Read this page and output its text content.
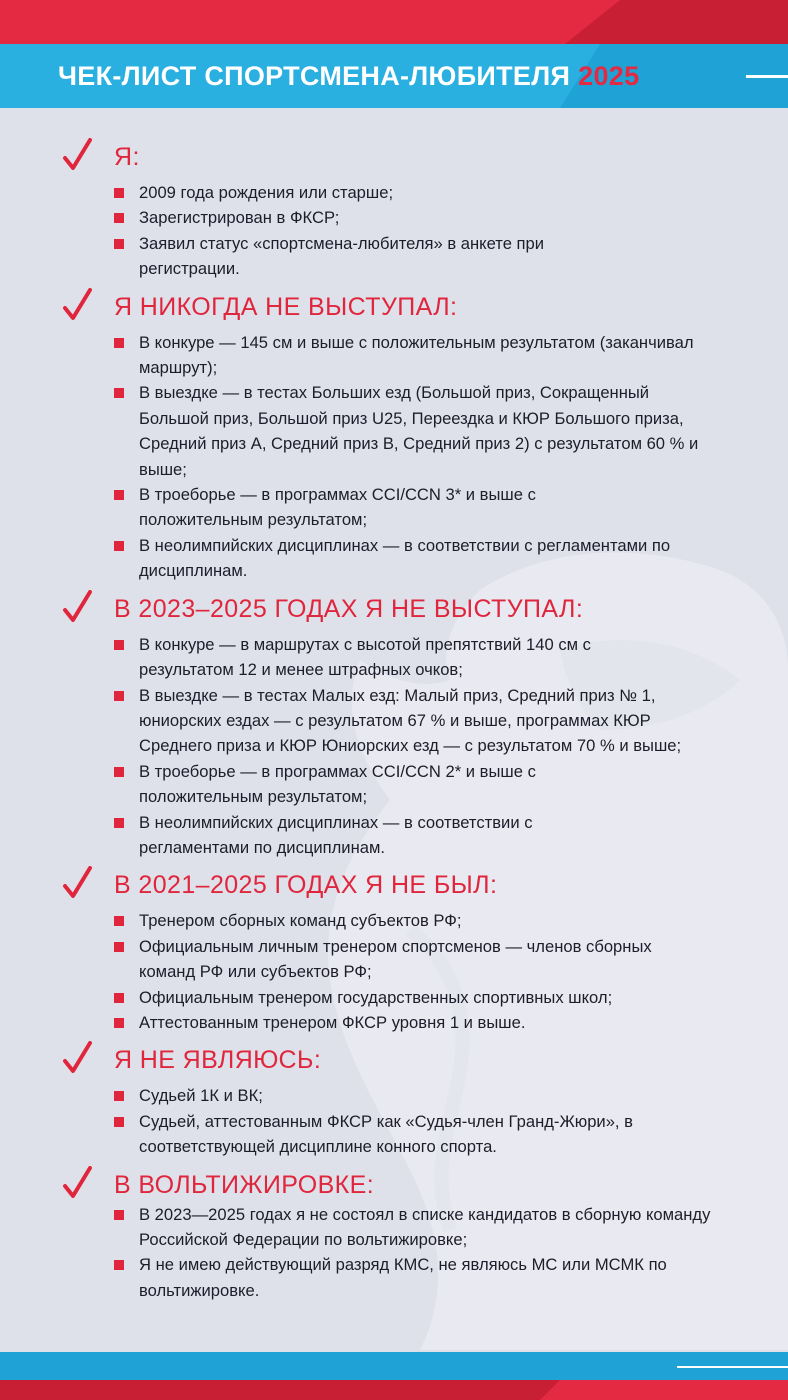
ЧЕК-ЛИСТ СПОРТСМЕНА-ЛЮБИТЕЛЯ 2025
Я:
2009 года рождения или старше;
Зарегистрирован в ФКСР;
Заявил статус «спортсмена-любителя» в анкете при регистрации.
Я НИКОГДА НЕ ВЫСТУПАЛ:
В конкуре — 145 см и выше с положительным результатом (заканчивал маршрут);
В выездке — в тестах Больших езд (Большой приз, Сокращенный Большой приз, Большой приз U25, Переездка и КЮР Большого приза, Средний приз А, Средний приз В, Средний приз 2) с результатом 60 % и выше;
В троеборье — в программах CCI/CCN 3* и выше с положительным результатом;
В неолимпийских дисциплинах — в соответствии с регламентами по дисциплинам.
В 2023–2025 ГОДАХ Я НЕ ВЫСТУПАЛ:
В конкуре — в маршрутах с высотой препятствий 140 см с результатом 12 и менее штрафных очков;
В выездке — в тестах Малых езд: Малый приз, Средний приз № 1, юниорских ездах — с результатом 67 % и выше, программах КЮР Среднего приза и КЮР Юниорских езд — с результатом 70 % и выше;
В троеборье — в программах CCI/CCN 2* и выше с положительным результатом;
В неолимпийских дисциплинах — в соответствии с регламентами по дисциплинам.
В 2021–2025 ГОДАХ Я НЕ БЫЛ:
Тренером сборных команд субъектов РФ;
Официальным личным тренером спортсменов — членов сборных команд РФ или субъектов РФ;
Официальным тренером государственных спортивных школ;
Аттестованным тренером ФКСР уровня 1 и выше.
Я НЕ ЯВЛЯЮСЬ:
Судьей 1К и ВК;
Судьей, аттестованным ФКСР как «Судья-член Гранд-Жюри», в соответствующей дисциплине конного спорта.
В ВОЛЬТИЖИРОВКЕ:
В 2023—2025 годах я не состоял в списке кандидатов в сборную команду Российской Федерации по вольтижировке;
Я не имею действующий разряд КМС, не являюсь МС или МСМК по вольтижировке.
